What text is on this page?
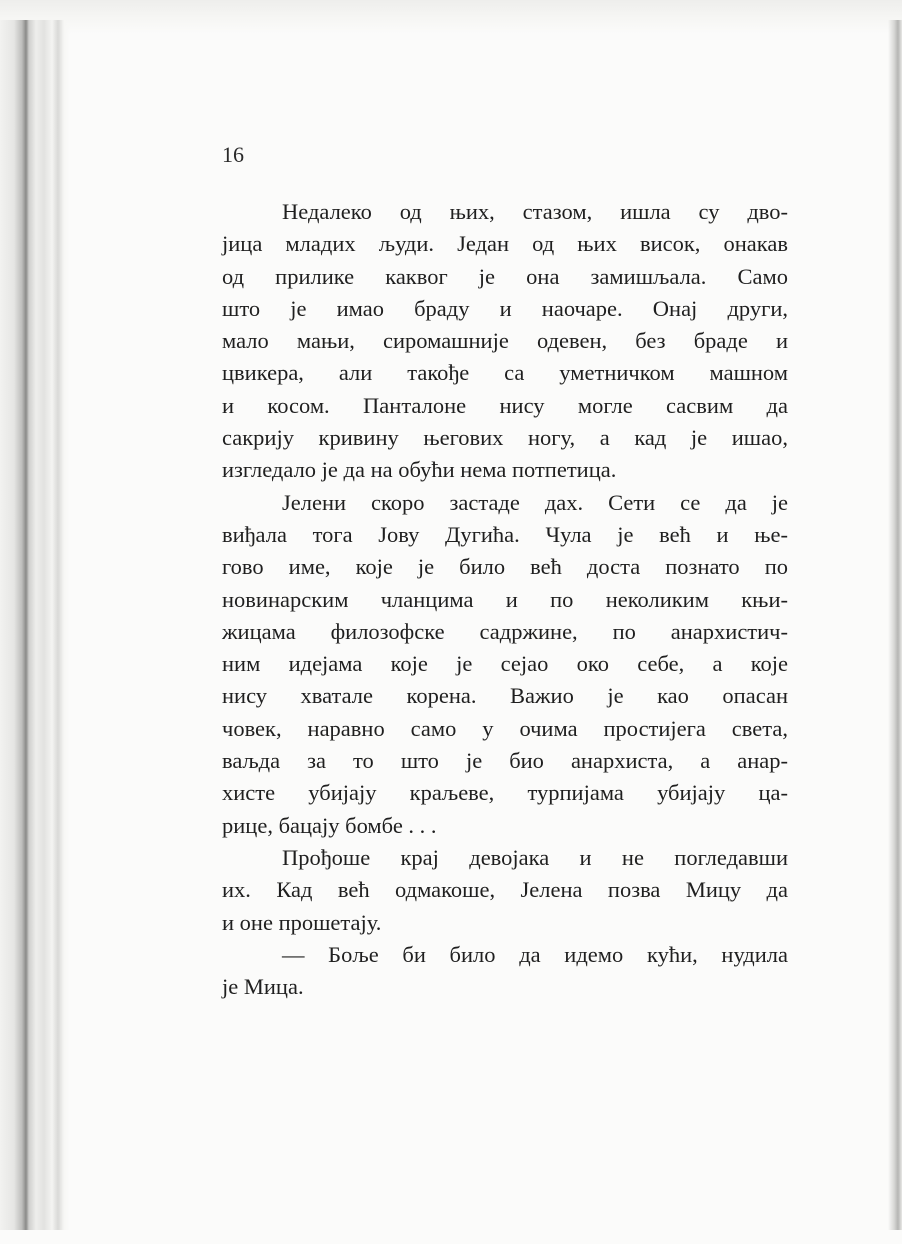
16
Недалеко од њих, стазом, ишла су дво-
јица младих људи. Један од њих висок, онакав
од прилике каквог је она замишљала. Само
што је имао браду и наочаре. Онај други,
мало мањи, сиромашније одевен, без браде и
цвикера, али такође са уметничком машном
и косом. Панталоне нису могле сасвим да
сакрију кривину његових ногу, а кад је ишао,
изгледало је да на обући нема потпетица.
Јелени скоро застаде дах. Сети се да је
виђала тога Јову Дугића. Чула је већ и ње-
гово име, које је било већ доста познато по
новинарским чланцима и по неколиким књи-
жицама филозофске садржине, по анархистич-
ним идејама које је сејао око себе, а које
нису хватале корена. Важио је као опасан
човек, наравно само у очима простијега света,
ваљда за то што је био анархиста, а анар-
хисте убијају краљеве, турпијама убијају ца-
рице, бацају бомбе . . .
Прођоше крај девојака и не погледавши
их. Кад већ одмакоше, Јелена позва Мицу да
и оне прошетају.
— Боље би било да идемо кући, нудила
је Мица.
